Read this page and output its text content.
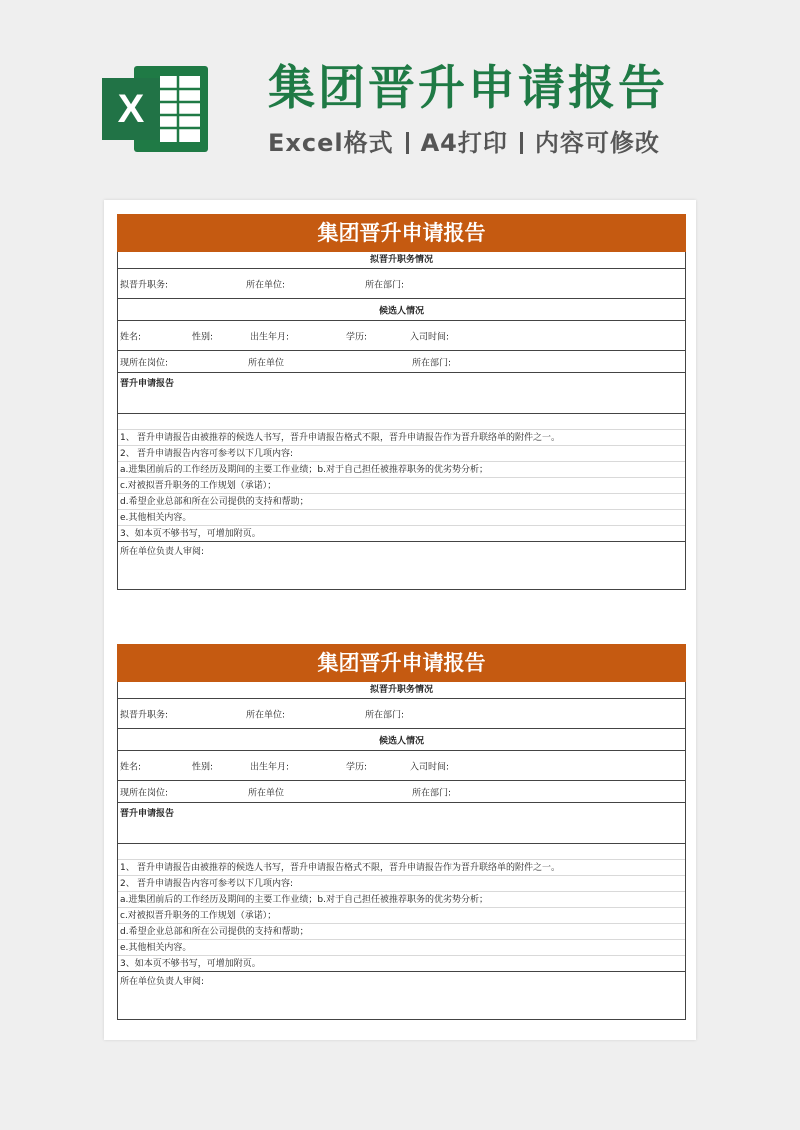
X	集团晋升申请报告
Excel格式 A4打印 内容可修改
集团晋升申请报告
拟晋升职务情况
拟晋升职务:	所在单位:	所在部门:
候选人情况
姓名:	性别:	出生年月:	学历:	入司时间:
现所在岗位:	所在单位	所在部门:
晋升申请报告
1、 晋升申请报告由被推荐的候选人书写，晋升申请报告格式不限，晋升申请报告作为晋升联络单的附件之一。
2、 晋升申请报告内容可参考以下几项内容:
a.进集团前后的工作经历及期间的主要工作业绩；b.对于自己担任被推荐职务的优劣势分析；
c.对被拟晋升职务的工作规划（承诺）；
d.希望企业总部和所在公司提供的支持和帮助；
e.其他相关内容。
3、如本页不够书写，可增加附页。
所在单位负责人审阅:
集团晋升申请报告
拟晋升职务情况
拟晋升职务:	所在单位:	所在部门:
候选人情况
姓名:	性别:	出生年月:	学历:	入司时间:
现所在岗位:	所在单位	所在部门:
晋升申请报告
1、 晋升申请报告由被推荐的候选人书写，晋升申请报告格式不限，晋升申请报告作为晋升联络单的附件之一。
2、 晋升申请报告内容可参考以下几项内容:
a.进集团前后的工作经历及期间的主要工作业绩；b.对于自己担任被推荐职务的优劣势分析；
c.对被拟晋升职务的工作规划（承诺）；
d.希望企业总部和所在公司提供的支持和帮助；
e.其他相关内容。
3、如本页不够书写，可增加附页。
所在单位负责人审阅:
